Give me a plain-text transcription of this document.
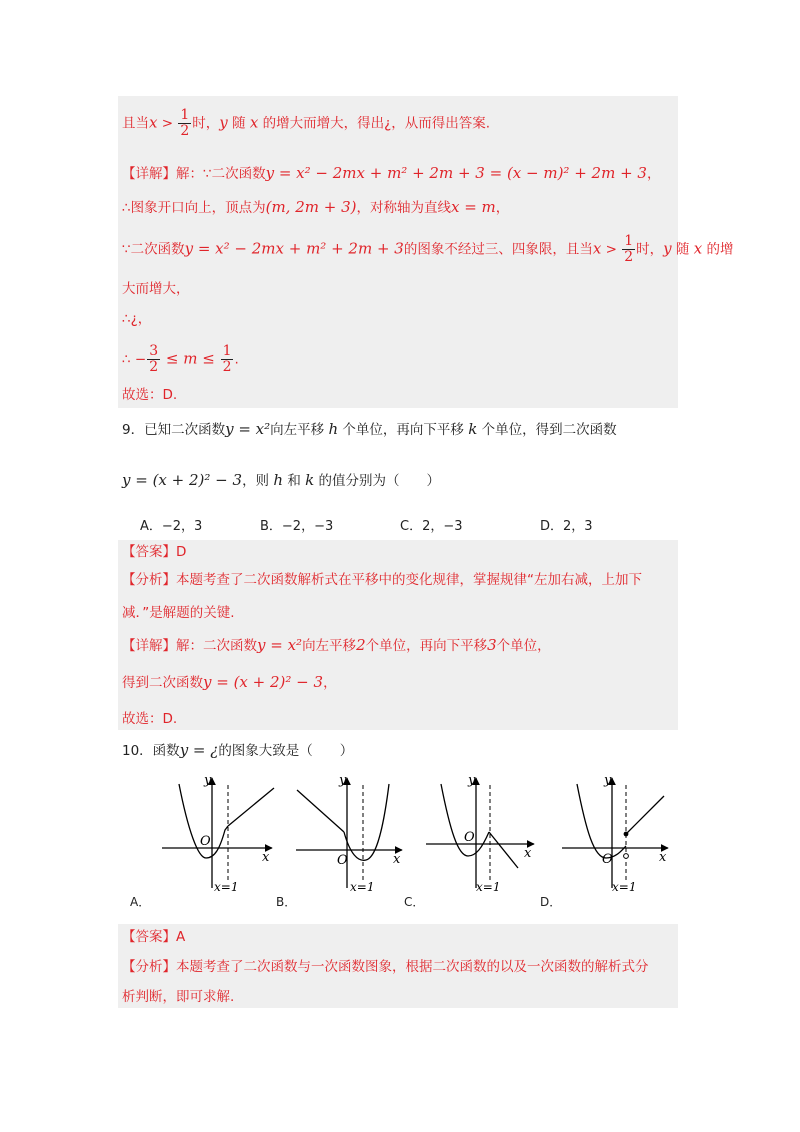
且当$x > \frac{1}{2}$ 时，y 随 x 的增大而增大，得出¿，从而得出答案.
【详解】解：∵二次函数y = x² − 2mx + m² + 2m + 3 = (x − m)² + 2m + 3，
∴图象开口向上，顶点为(m, 2m + 3)，对称轴为直线x = m，
∵二次函数y = x² − 2mx + m² + 2m + 3的图象不经过三、四象限，且当$x > \frac{1}{2}$ 时，y 随 x 的增
大而增大，
∴¿，
∴ − $\frac{3}{2} \le m \le \frac{1}{2}$ .
故选：D.
9．已知二次函数y = x²向左平移 h 个单位，再向下平移 k 个单位，得到二次函数
y = (x + 2)² − 3，则 h 和 k 的值分别为（　　）
A．−2，3	B．−2，−3	C．2，−3	D．2，3
【答案】D
【分析】本题考查了二次函数解析式在平移中的变化规律，掌握规律“左加右减，上加下
减．”是解题的关键.
【详解】解：二次函数y = x²向左平移2个单位，再向下平移3个单位，
得到二次函数y = (x + 2)² − 3，
故选：D.
10．函数y = ¿的图象大致是（　　）
y
x
O
x=1
y
x
O
x=1
y
x
O
x=1
y
x
O
x=1
A．	B．	C．	D．
【答案】A
【分析】本题考查了二次函数与一次函数图象，根据二次函数的以及一次函数的解析式分
析判断，即可求解.
